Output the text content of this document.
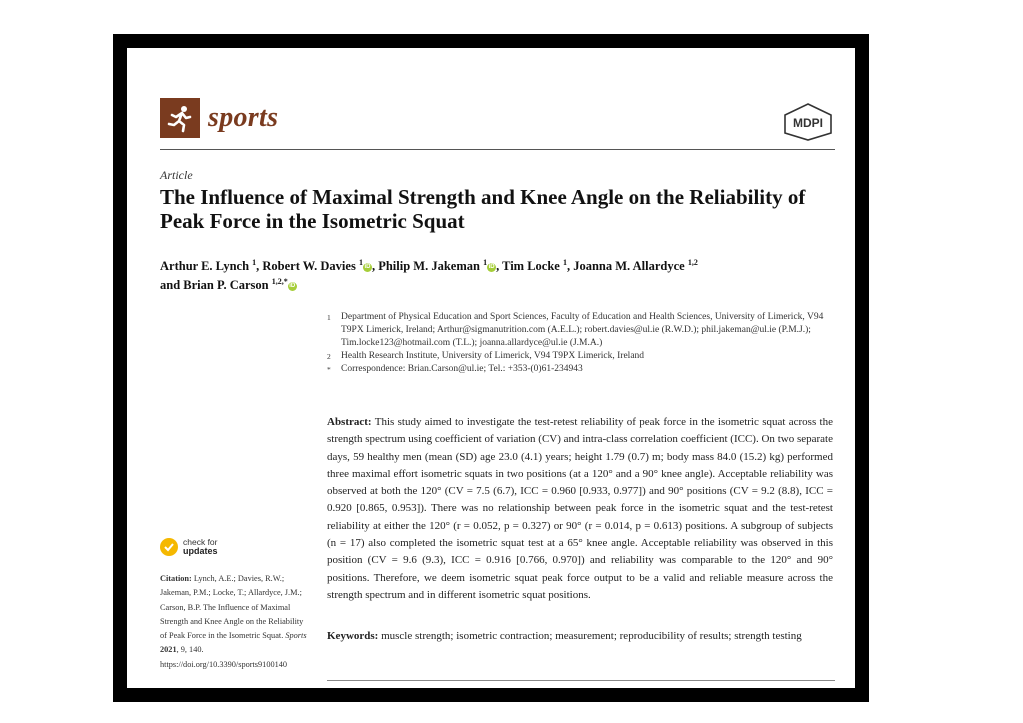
sports	MDPI
Article
The Influence of Maximal Strength and Knee Angle on the Reliability of Peak Force in the Isometric Squat
Arthur E. Lynch $^1$, Robert W. Davies $^1$ iD , Philip M. Jakeman $^1$ iD , Tim Locke $^1$, Joanna M. Allardyce $^{1,2}$
and Brian P. Carson $^{1,2,*}$ iD
1	Department of Physical Education and Sport Sciences, Faculty of Education and Health Sciences, University of Limerick, V94 T9PX Limerick, Ireland; Arthur@sigmanutrition.com (A.E.L.); robert.davies@ul.ie (R.W.D.); phil.jakeman@ul.ie (P.M.J.); Tim.locke123@hotmail.com (T.L.); joanna.allardyce@ul.ie (J.M.A.)
2	Health Research Institute, University of Limerick, V94 T9PX Limerick, Ireland
*	Correspondence: Brian.Carson@ul.ie; Tel.: +353-(0)61-234943
Abstract: This study aimed to investigate the test-retest reliability of peak force in the isometric squat across the strength spectrum using coefficient of variation (CV) and intra-class correlation coefficient (ICC). On two separate days, 59 healthy men (mean (SD) age 23.0 (4.1) years; height 1.79 (0.7) m; body mass 84.0 (15.2) kg) performed three maximal effort isometric squats in two positions (at a 120° and a 90° knee angle). Acceptable reliability was observed at both the 120° (CV = 7.5 (6.7), ICC = 0.960 [0.933, 0.977]) and 90° positions (CV = 9.2 (8.8), ICC = 0.920 [0.865, 0.953]). There was no relationship between peak force in the isometric squat and the test-retest reliability at either the 120° (r = 0.052, p = 0.327) or 90° (r = 0.014, p = 0.613) positions. A subgroup of subjects (n = 17) also completed the isometric squat test at a 65° knee angle. Acceptable reliability was observed in this position (CV = 9.6 (9.3), ICC = 0.916 [0.766, 0.970]) and reliability was comparable to the 120° and 90° positions. Therefore, we deem isometric squat peak force output to be a valid and reliable measure across the strength spectrum and in different isometric squat positions.
Keywords: muscle strength; isometric contraction; measurement; reproducibility of results; strength testing
check for
updates
Citation: Lynch, A.E.; Davies, R.W.; Jakeman, P.M.; Locke, T.; Allardyce, J.M.; Carson, B.P. The Influence of Maximal Strength and Knee Angle on the Reliability of Peak Force in the Isometric Squat. Sports 2021, 9, 140. https://doi.org/10.3390/sports9100140
